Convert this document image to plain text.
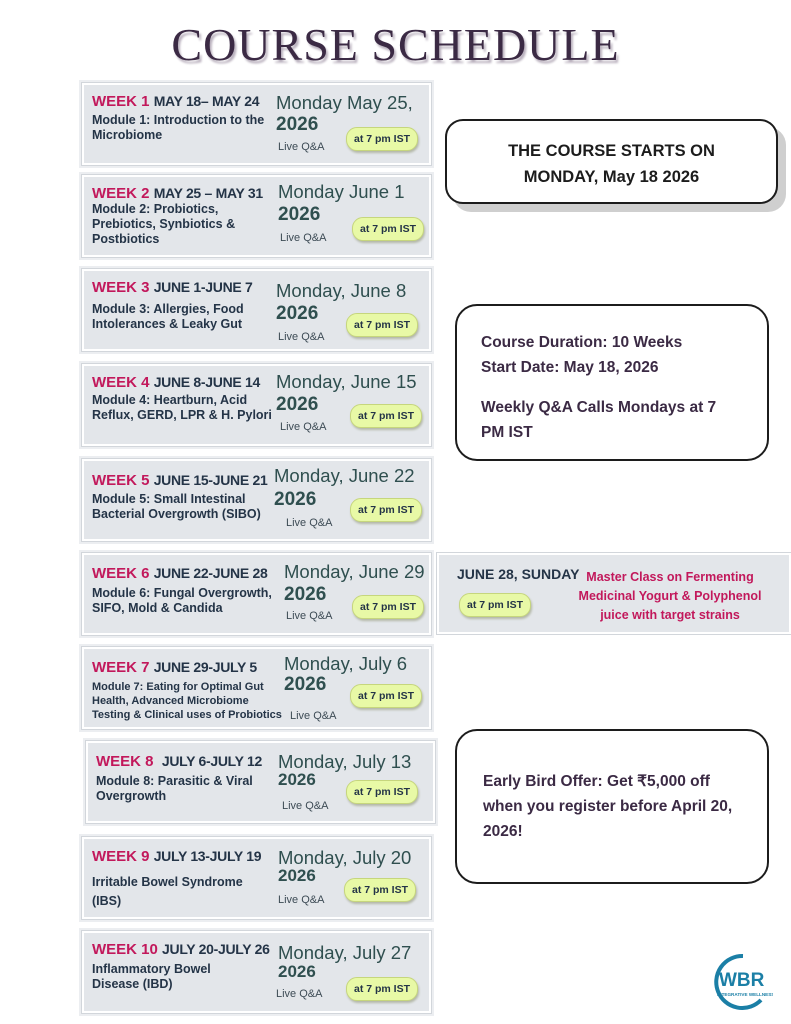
COURSE SCHEDULE
WEEK 1 MAY 18– MAY 24
Module 1: Introduction to the Microbiome
Monday May 25,
2026
Live Q&A
at 7 pm IST
WEEK 2 MAY 25 – MAY 31
Module 2: Probiotics, Prebiotics, Synbiotics & Postbiotics
Monday June 1
2026
Live Q&A
at 7 pm IST
WEEK 3 JUNE 1-JUNE 7
Module 3: Allergies, Food Intolerances & Leaky Gut
Monday, June 8
2026
Live Q&A
at 7 pm IST
WEEK 4 JUNE 8-JUNE 14
Module 4: Heartburn, Acid Reflux, GERD, LPR & H. Pylori
Monday, June 15
2026
Live Q&A
at 7 pm IST
WEEK 5 JUNE 15-JUNE 21
Module 5: Small Intestinal Bacterial Overgrowth (SIBO)
Monday, June 22
2026
Live Q&A
at 7 pm IST
WEEK 6 JUNE 22-JUNE 28
Module 6: Fungal Overgrowth, SIFO, Mold & Candida
Monday, June 29
2026
Live Q&A
at 7 pm IST
WEEK 7 JUNE 29-JULY 5
Module 7: Eating for Optimal Gut Health, Advanced Microbiome Testing & Clinical uses of Probiotics
Monday, July 6
2026
Live Q&A
at 7 pm IST
WEEK 8 JULY 6-JULY 12
Module 8: Parasitic & Viral Overgrowth
Monday, July 13
2026
Live Q&A
at 7 pm IST
WEEK 9 JULY 13-JULY 19
Irritable Bowel Syndrome (IBS)
Monday, July 20
2026
Live Q&A
at 7 pm IST
WEEK 10 JULY 20-JULY 26
Inflammatory Bowel Disease (IBD)
Monday, July 27
2026
Live Q&A	at 7 pm IST
THE COURSE STARTS ON
MONDAY, May 18 2026
Course Duration: 10 Weeks
Start Date: May 18, 2026
Weekly Q&A Calls Mondays at 7 PM IST
JUNE 28, SUNDAY
at 7 pm IST
Master Class on Fermenting Medicinal Yogurt & Polyphenol juice with target strains
Early Bird Offer: Get ₹5,000 off when you register before April 20, 2026!
WBR
INTEGRATIVE WELLNESS
